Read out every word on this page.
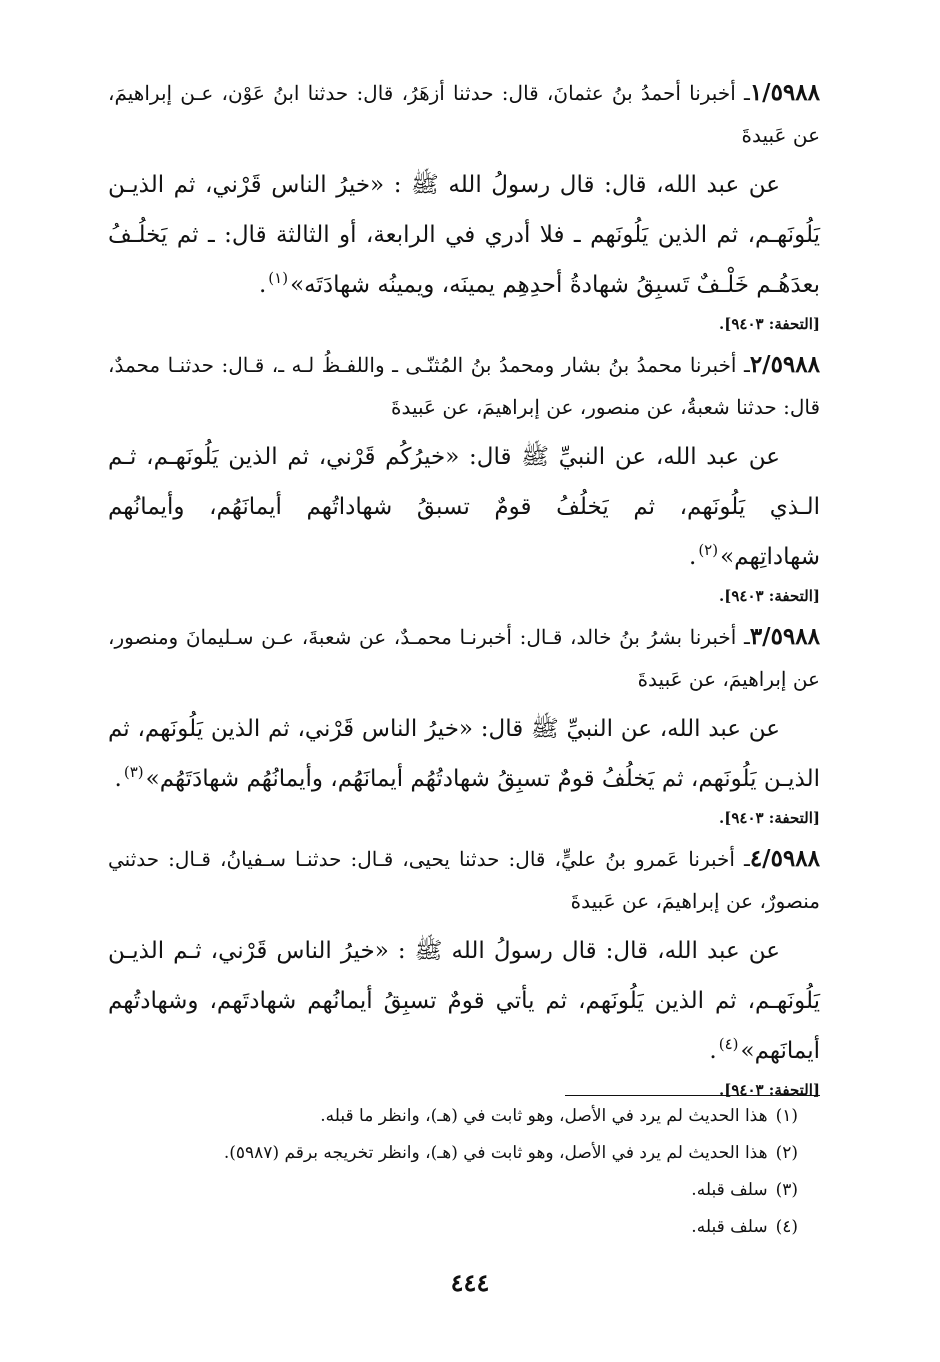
١/٥٩٨٨ـ أخبرنا أحمدُ بنُ عثمانَ، قال: حدثنا أزهَرُ، قال: حدثنا ابنُ عَوْن، عـن إبراهيمَ، عن عَبيدةَ

عن عبد الله، قال: قال رسولُ الله ﷺ : «خيرُ الناس قَرْني، ثم الذيـن يَلُونَهـم، ثم الذين يَلُونَهم ـ فلا أدري في الرابعة، أو الثالثة قال: ـ ثم يَخلُـفُ بعدَهُـم خَلْـفٌ تَسبِقُ شهادةُ أحدِهِم يمينَه، ويمينُه شهادَتَه»$^{(١)}$.

[التحفة: ٩٤٠٣].

٢/٥٩٨٨ـ أخبرنا محمدُ بنُ بشار ومحمدُ بنُ المُثنّـى ـ واللفـظُ لـه ـ، قـال: حدثنـا محمدٌ، قال: حدثنا شعبةُ، عن منصور، عن إبراهيمَ، عن عَبيدةَ

عن عبد الله، عن النبيِّ ﷺ قال: «خيرُكُم قَرْني، ثم الذين يَلُونَهـم، ثـم الـذي يَلُونَهم، ثم يَخلُفُ قومٌ تسبقُ شهاداتُهم أيمانَهُم، وأيمانُهم شهاداتِهم»$^{(٢)}$.

[التحفة: ٩٤٠٣].

٣/٥٩٨٨ـ أخبرنا بشرُ بنُ خالد، قـال: أخبرنـا محمـدٌ، عن شعبةَ، عـن سـليمانَ ومنصور، عن إبراهيمَ، عن عَبيدةَ

عن عبد الله، عن النبيِّ ﷺ قال: «خيرُ الناس قَرْني، ثم الذين يَلُونَهم، ثم الذيـن يَلُونَهم، ثم يَخلُفُ قومٌ تسبِقُ شهادتُهُم أيمانَهُم، وأيمانُهُم شهادَتَهُم»$^{(٣)}$.

[التحفة: ٩٤٠٣].

٤/٥٩٨٨ـ أخبرنا عَمرو بنُ عليٍّ، قال: حدثنا يحيى، قـال: حدثنـا سـفيانُ، قـال: حدثني منصورٌ، عن إبراهيمَ، عن عَبيدةَ

عن عبد الله، قال: قال رسولُ الله ﷺ : «خيرُ الناس قَرْني، ثـم الذيـن يَلُونَهـم، ثم الذين يَلُونَهم، ثم يأتي قومٌ تسبِقُ أيمانُهم شهادتَهم، وشهادتُهم أيمانَهم»$^{(٤)}$.

[التحفة: ٩٤٠٣].

(١)هذا الحديث لم يرد في الأصل، وهو ثابت في (هـ)، وانظر ما قبله.

(٢)هذا الحديث لم يرد في الأصل، وهو ثابت في (هـ)، وانظر تخريجه برقم (٥٩٨٧).

(٣)سلف قبله.

(٤)سلف قبله.

٤٤٤
